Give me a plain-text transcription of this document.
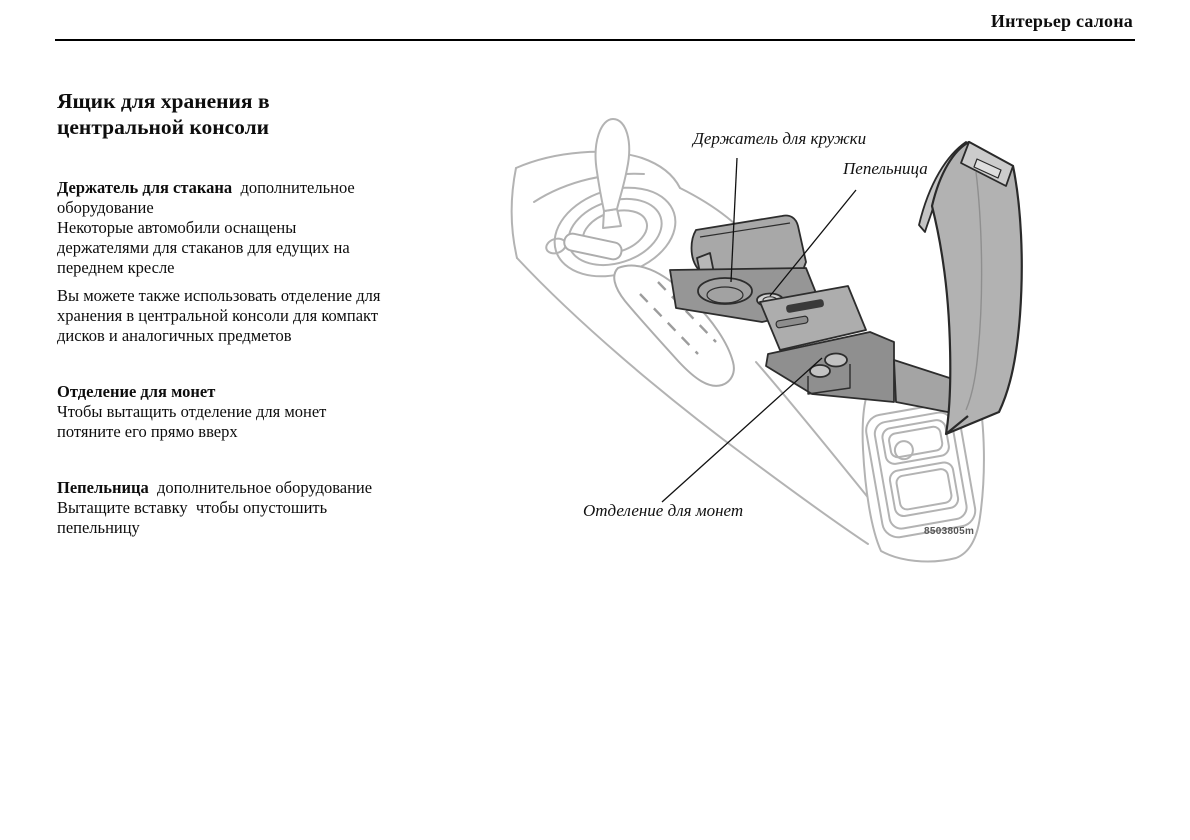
Интерьер салона
Ящик для хранения в центральной консоли

Держатель для стакана  дополнительное оборудование

Некоторые автомобили оснащены держателями для стаканов для едущих на переднем кресле

Вы можете также использовать отделение для хранения в центральной консоли для компакт дисков и аналогичных предметов

Отделение для монет

Чтобы вытащить отделение для монет потяните его прямо вверх

Пепельница  дополнительное оборудование

Вытащите вставку  чтобы опустошить пепельницу

Держатель для кружки
Пепельница
Отделение для монет
8503805m
